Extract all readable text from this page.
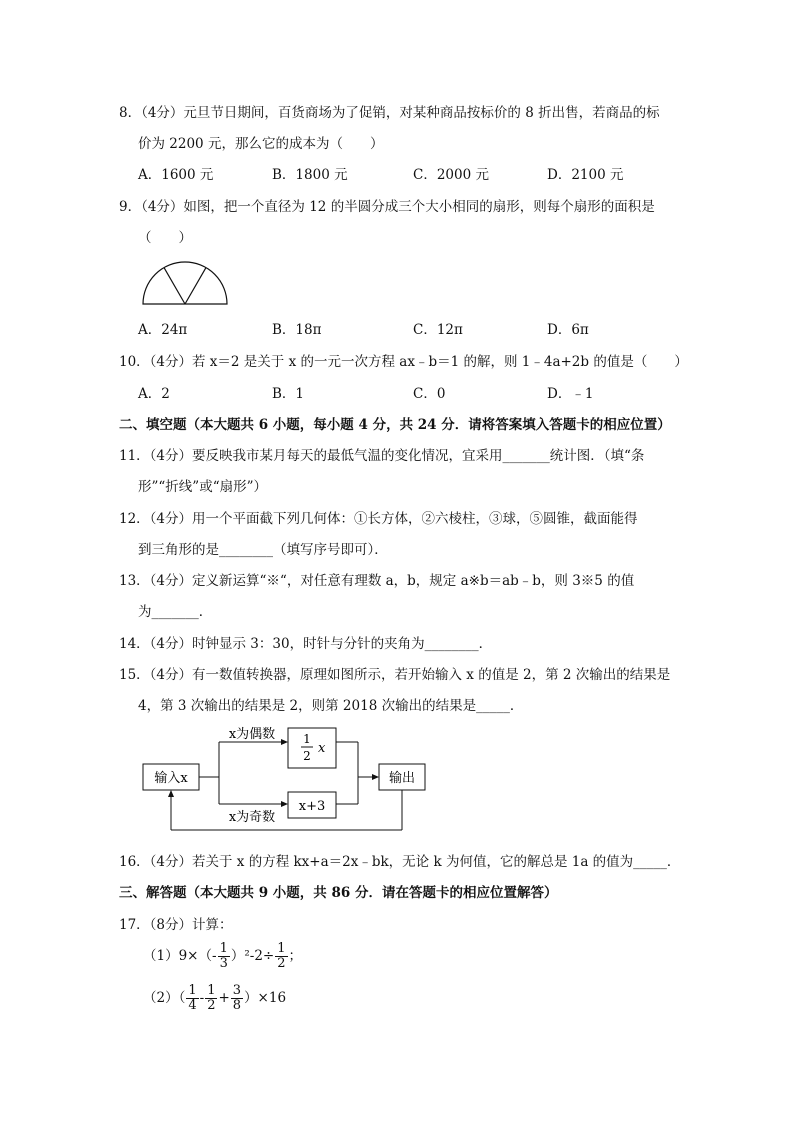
8．（4分）元旦节日期间，百货商场为了促销，对某种商品按标价的 8 折出售，若商品的标
价为 2200 元，那么它的成本为（　　）
A．1600 元	B．1800 元	C．2000 元	D．2100 元
9．（4分）如图，把一个直径为 12 的半圆分成三个大小相同的扇形，则每个扇形的面积是
（　　）
A．24π	B．18π	C．12π	D．6π
10．（4分）若 x＝2 是关于 x 的一元一次方程 ax﹣b＝1 的解，则 1﹣4a+2b 的值是（　　）
A．2	B．1	C．0	D．﹣1
二、填空题（本大题共 6 小题，每小题 4 分，共 24 分．请将答案填入答题卡的相应位置）
11．（4分）要反映我市某月每天的最低气温的变化情况，宜采用_______统计图．（填“条
形”“折线”或“扇形”）
12．（4分）用一个平面截下列几何体：①长方体，②六棱柱，③球，⑤圆锥，截面能得
到三角形的是________（填写序号即可）．
13．（4分）定义新运算“※“，对任意有理数 a，b，规定 a※b＝ab﹣b，则 3※5 的值
为_______．
14．（4分）时钟显示 3：30，时针与分针的夹角为________．
15．（4分）有一数值转换器，原理如图所示，若开始输入 x 的值是 2，第 2 次输出的结果是
4，第 3 次输出的结果是 2，则第 2018 次输出的结果是_____．
输入x
x为偶数
x为奇数
1
2 x
x+3
输出
16．（4分）若关于 x 的方程 kx+a＝2x﹣bk，无论 k 为何值，它的解总是 1a 的值为_____．
三、解答题（本大题共 9 小题，共 86 分．请在答题卡的相应位置解答）
17．（8分）计算：
$(1)9\times(- \frac{1}{3} )^2-2\div \frac{1}{2}$ ；
$(2)( \frac{1}{4} - \frac{1}{2} + \frac{3}{8} )\times 16$
